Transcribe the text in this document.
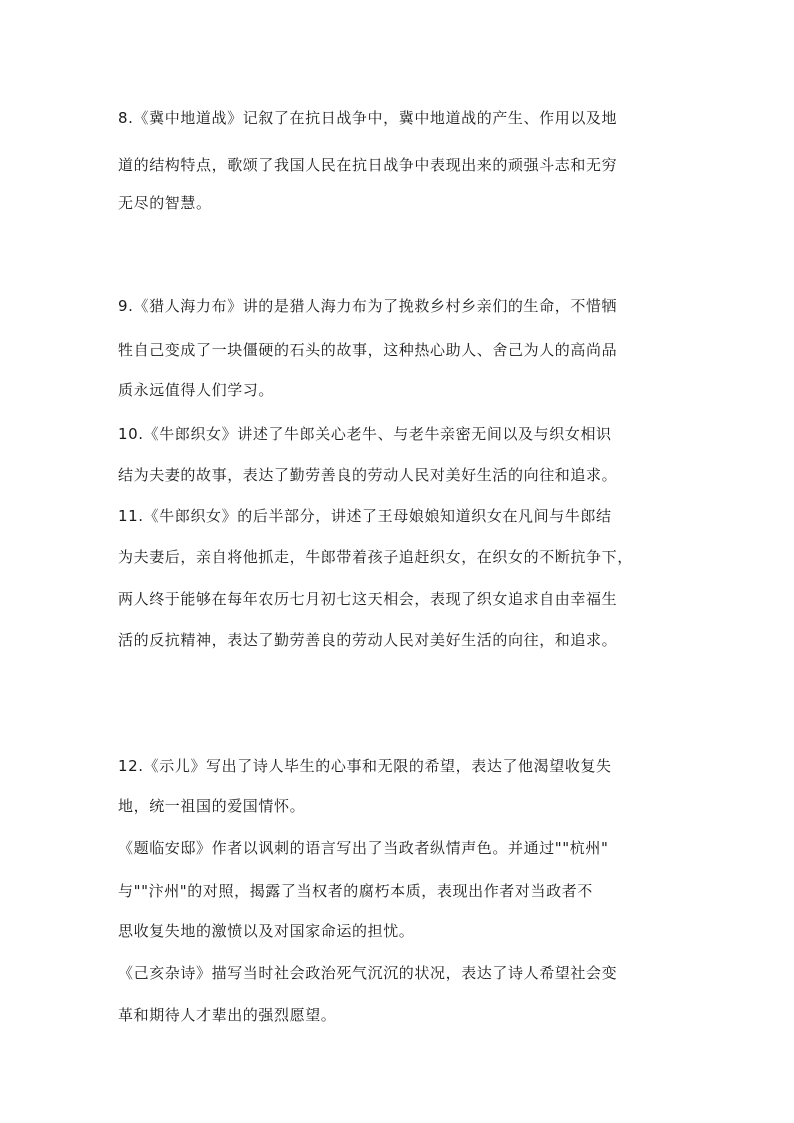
8.《冀中地道战》记叙了在抗日战争中，冀中地道战的产生、作用以及地
道的结构特点，歌颂了我国人民在抗日战争中表现出来的顽强斗志和无穷
无尽的智慧。
9.《猎人海力布》讲的是猎人海力布为了挽救乡村乡亲们的生命，不惜牺
牲自己变成了一块僵硬的石头的故事，这种热心助人、舍己为人的高尚品
质永远值得人们学习。
10.《牛郎织女》讲述了牛郎关心老牛、与老牛亲密无间以及与织女相识
结为夫妻的故事，表达了勤劳善良的劳动人民对美好生活的向往和追求。
11.《牛郎织女》的后半部分，讲述了王母娘娘知道织女在凡间与牛郎结
为夫妻后，亲自将他抓走，牛郎带着孩子追赶织女，在织女的不断抗争下，
两人终于能够在每年农历七月初七这天相会，表现了织女追求自由幸福生
活的反抗精神，表达了勤劳善良的劳动人民对美好生活的向往，和追求。
12.《示儿》写出了诗人毕生的心事和无限的希望，表达了他渴望收复失
地，统一祖国的爱国情怀。
《题临安邸》作者以讽刺的语言写出了当政者纵情声色。并通过""杭州"
与""汴州"的对照，揭露了当权者的腐朽本质，表现出作者对当政者不
思收复失地的激愤以及对国家命运的担忧。
《己亥杂诗》描写当时社会政治死气沉沉的状况，表达了诗人希望社会变
革和期待人才辈出的强烈愿望。
